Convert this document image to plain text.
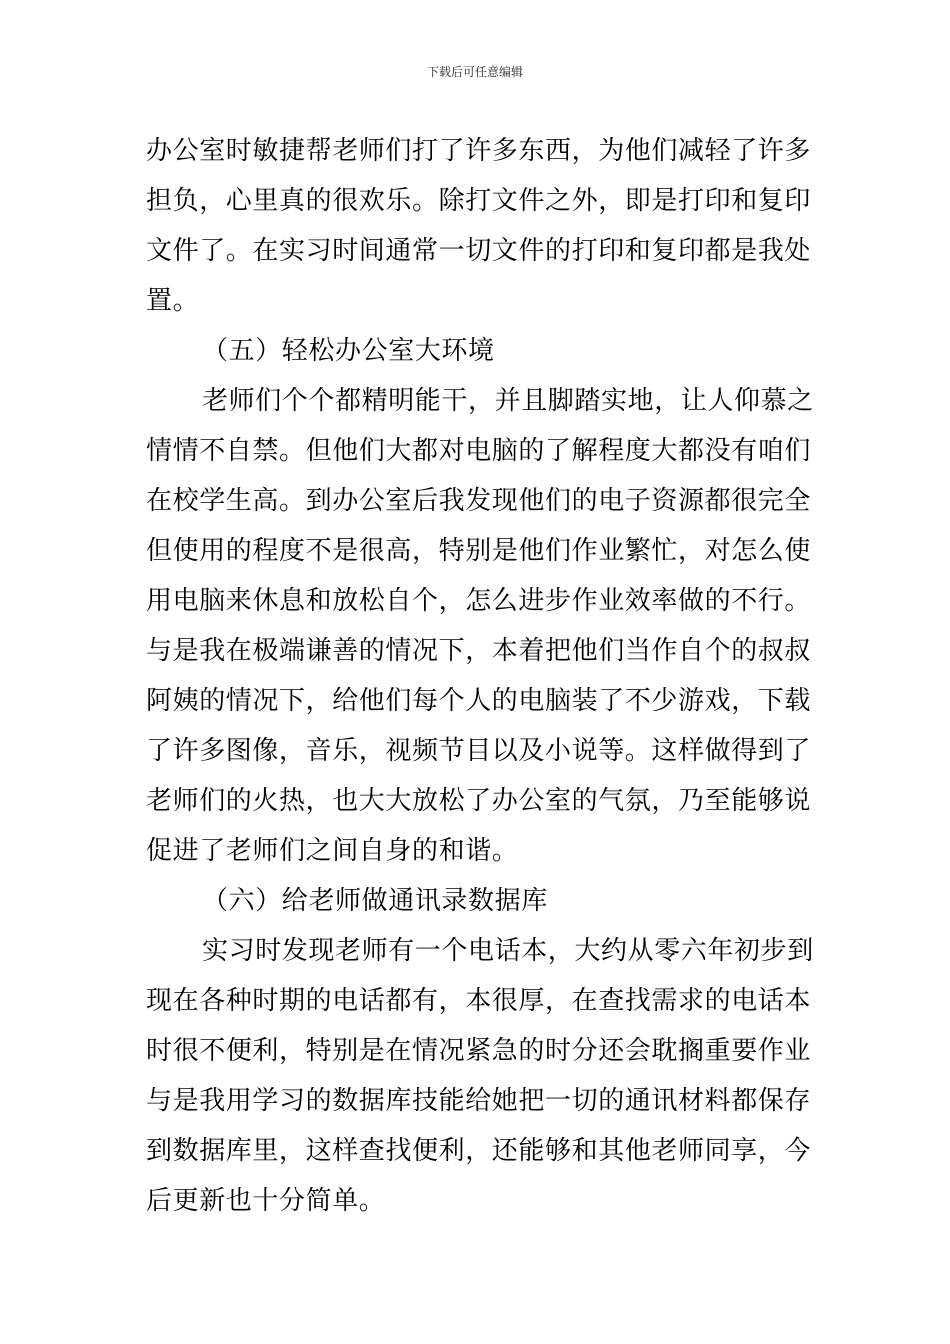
下载后可任意编辑
办公室时敏捷帮老师们打了许多东西，为他们减轻了许多
担负，心里真的很欢乐。除打文件之外，即是打印和复印
文件了。在实习时间通常一切文件的打印和复印都是我处
置。
（五）轻松办公室大环境
老师们个个都精明能干，并且脚踏实地，让人仰慕之
情情不自禁。但他们大都对电脑的了解程度大都没有咱们
在校学生高。到办公室后我发现他们的电子资源都很完全
但使用的程度不是很高，特别是他们作业繁忙，对怎么使
用电脑来休息和放松自个，怎么进步作业效率做的不行。
与是我在极端谦善的情况下，本着把他们当作自个的叔叔
阿姨的情况下，给他们每个人的电脑装了不少游戏，下载
了许多图像，音乐，视频节目以及小说等。这样做得到了
老师们的火热，也大大放松了办公室的气氛，乃至能够说
促进了老师们之间自身的和谐。
（六）给老师做通讯录数据库
实习时发现老师有一个电话本，大约从零六年初步到
现在各种时期的电话都有，本很厚，在查找需求的电话本
时很不便利，特别是在情况紧急的时分还会耽搁重要作业
与是我用学习的数据库技能给她把一切的通讯材料都保存
到数据库里，这样查找便利，还能够和其他老师同享，今
后更新也十分简单。
